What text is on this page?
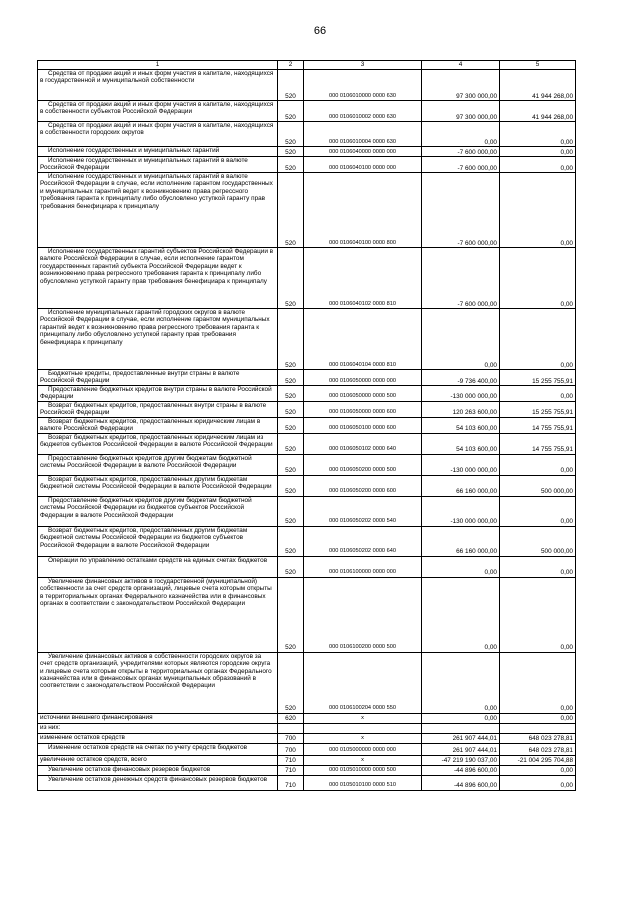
66
1	2	3	4	5
Средства от продажи акций и иных форм участия в капитале, находящихся в государственной и муниципальной собственности	520	000 0106010000 0000 630	97 300 000,00	41 944 268,00
Средства от продажи акций и иных форм участия в капитале, находящихся в собственности субъектов Российской Федерации	520	000 0106010002 0000 630	97 300 000,00	41 944 268,00
Средства от продажи акций и иных форм участия в капитале, находящихся в собственности городских округов	520	000 0106010004 0000 630	0,00	0,00
Исполнение государственных и муниципальных гарантий	520	000 0106040000 0000 000	-7 600 000,00	0,00
Исполнение государственных и муниципальных гарантий в валюте Российской Федерации	520	000 0106040100 0000 000	-7 600 000,00	0,00
Исполнение государственных и муниципальных гарантий в валюте Российской Федерации в случае, если исполнение гарантом государственных и муниципальных гарантий ведет к возникновению права регрессного требования гаранта к принципалу либо обусловлено уступкой гаранту прав требования бенефициара к принципалу	520	000 0106040100 0000 800	-7 600 000,00	0,00
Исполнение государственных гарантий субъектов Российской Федерации в валюте Российской Федерации в случае, если исполнение гарантом государственных гарантий субъекта Российской Федерации ведет к возникновению права регрессного требования гаранта к принципалу либо обусловлено уступкой гаранту прав требования бенефициара к принципалу	520	000 0106040102 0000 810	-7 600 000,00	0,00
Исполнение муниципальных гарантий городских округов в валюте Российской Федерации в случае, если исполнение гарантом муниципальных гарантий ведет к возникновению права регрессного требования гаранта к принципалу либо обусловлено уступкой гаранту прав требования бенефициара к принципалу	520	000 0106040104 0000 810	0,00	0,00
Бюджетные кредиты, предоставленные внутри страны в валюте Российской Федерации	520	000 0106050000 0000 000	-9 736 400,00	15 255 755,91
Предоставление бюджетных кредитов внутри страны в валюте Российской Федерации	520	000 0106050000 0000 500	-130 000 000,00	0,00
Возврат бюджетных кредитов, предоставленных внутри страны в валюте Российской Федерации	520	000 0106050000 0000 600	120 263 600,00	15 255 755,91
Возврат бюджетных кредитов, предоставленных юридическим лицам в валюте Российской Федерации	520	000 0106050100 0000 600	54 103 600,00	14 755 755,91
Возврат бюджетных кредитов, предоставленных юридическим лицам из бюджетов субъектов Российской Федерации в валюте Российской Федерации	520	000 0106050102 0000 640	54 103 600,00	14 755 755,91
Предоставление бюджетных кредитов другим бюджетам бюджетной системы Российской Федерации в валюте Российской Федерации	520	000 0106050200 0000 500	-130 000 000,00	0,00
Возврат бюджетных кредитов, предоставленных другим бюджетам бюджетной системы Российской Федерации в валюте Российской Федерации	520	000 0106050200 0000 600	66 160 000,00	500 000,00
Предоставление бюджетных кредитов другим бюджетам бюджетной системы Российской Федерации из бюджетов субъектов Российской Федерации в валюте Российской Федерации	520	000 0106050202 0000 540	-130 000 000,00	0,00
Возврат бюджетных кредитов, предоставленных другим бюджетам бюджетной системы Российской Федерации из бюджетов субъектов Российской Федерации в валюте Российской Федерации	520	000 0106050202 0000 640	66 160 000,00	500 000,00
Операции по управлению остатками средств на единых счетах бюджетов	520	000 0106100000 0000 000	0,00	0,00
Увеличение финансовых активов в государственной (муниципальной) собственности за счет средств организаций, лицевые счета которым открыты в территориальных органах Федерального казначейства или в финансовых органах в соответствии с законодательством Российской Федерации	520	000 0106100200 0000 500	0,00	0,00
Увеличение финансовых активов в собственности городских округов за счет средств организаций, учредителями которых являются городские округа и лицевые счета которым открыты в территориальных органах Федерального казначейства или в финансовых органах муниципальных образований в соответствии с законодательством Российской Федерации	520	000 0106100204 0000 550	0,00	0,00
источники внешнего финансирования	620	x	0,00	0,00
из них:				
изменение остатков средств	700	x	261 907 444,01	648 023 278,81
Изменение остатков средств на счетах по учету средств бюджетов	700	000 0105000000 0000 000	261 907 444,01	648 023 278,81
увеличение остатков средств, всего	710	x	-47 219 190 037,00	-21 004 295 704,88
Увеличение остатков финансовых резервов бюджетов	710	000 0105010000 0000 500	-44 896 600,00	0,00
Увеличение остатков денежных средств финансовых резервов бюджетов	710	000 0105010100 0000 510	-44 896 600,00	0,00
